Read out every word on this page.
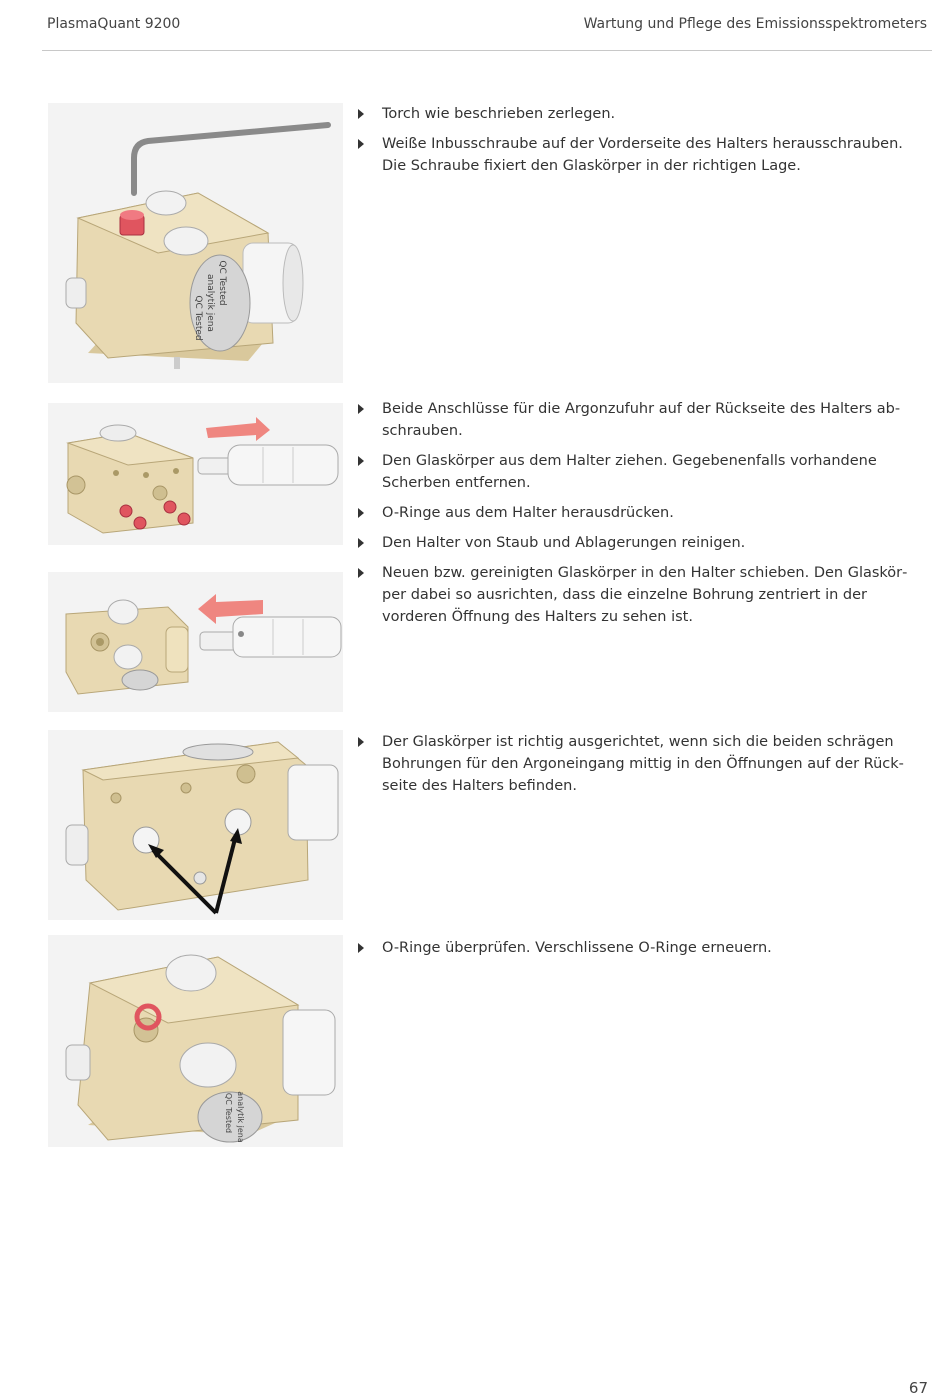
PlasmaQuant 9200	Wartung und Pflege des Emissionsspektrometers
QC Tested
analytik jena
QC Tested
QC Tested analytik jena
Torch wie beschrieben zerlegen.
Weiße Inbusschraube auf der Vorderseite des Halters herausschrauben. Die Schraube fixiert den Glaskörper in der richtigen Lage.
Beide Anschlüsse für die Argonzufuhr auf der Rückseite des Halters abschrauben.
Den Glaskörper aus dem Halter ziehen. Gegebenenfalls vorhandene Scherben entfernen.
O-Ringe aus dem Halter herausdrücken.
Den Halter von Staub und Ablagerungen reinigen.
Neuen bzw. gereinigten Glaskörper in den Halter schieben. Den Glaskörper dabei so ausrichten, dass die einzelne Bohrung zentriert in der vorderen Öffnung des Halters zu sehen ist.
Der Glaskörper ist richtig ausgerichtet, wenn sich die beiden schrägen Bohrungen für den Argoneingang mittig in den Öffnungen auf der Rückseite des Halters befinden.
O-Ringe überprüfen. Verschlissene O-Ringe erneuern.
67
